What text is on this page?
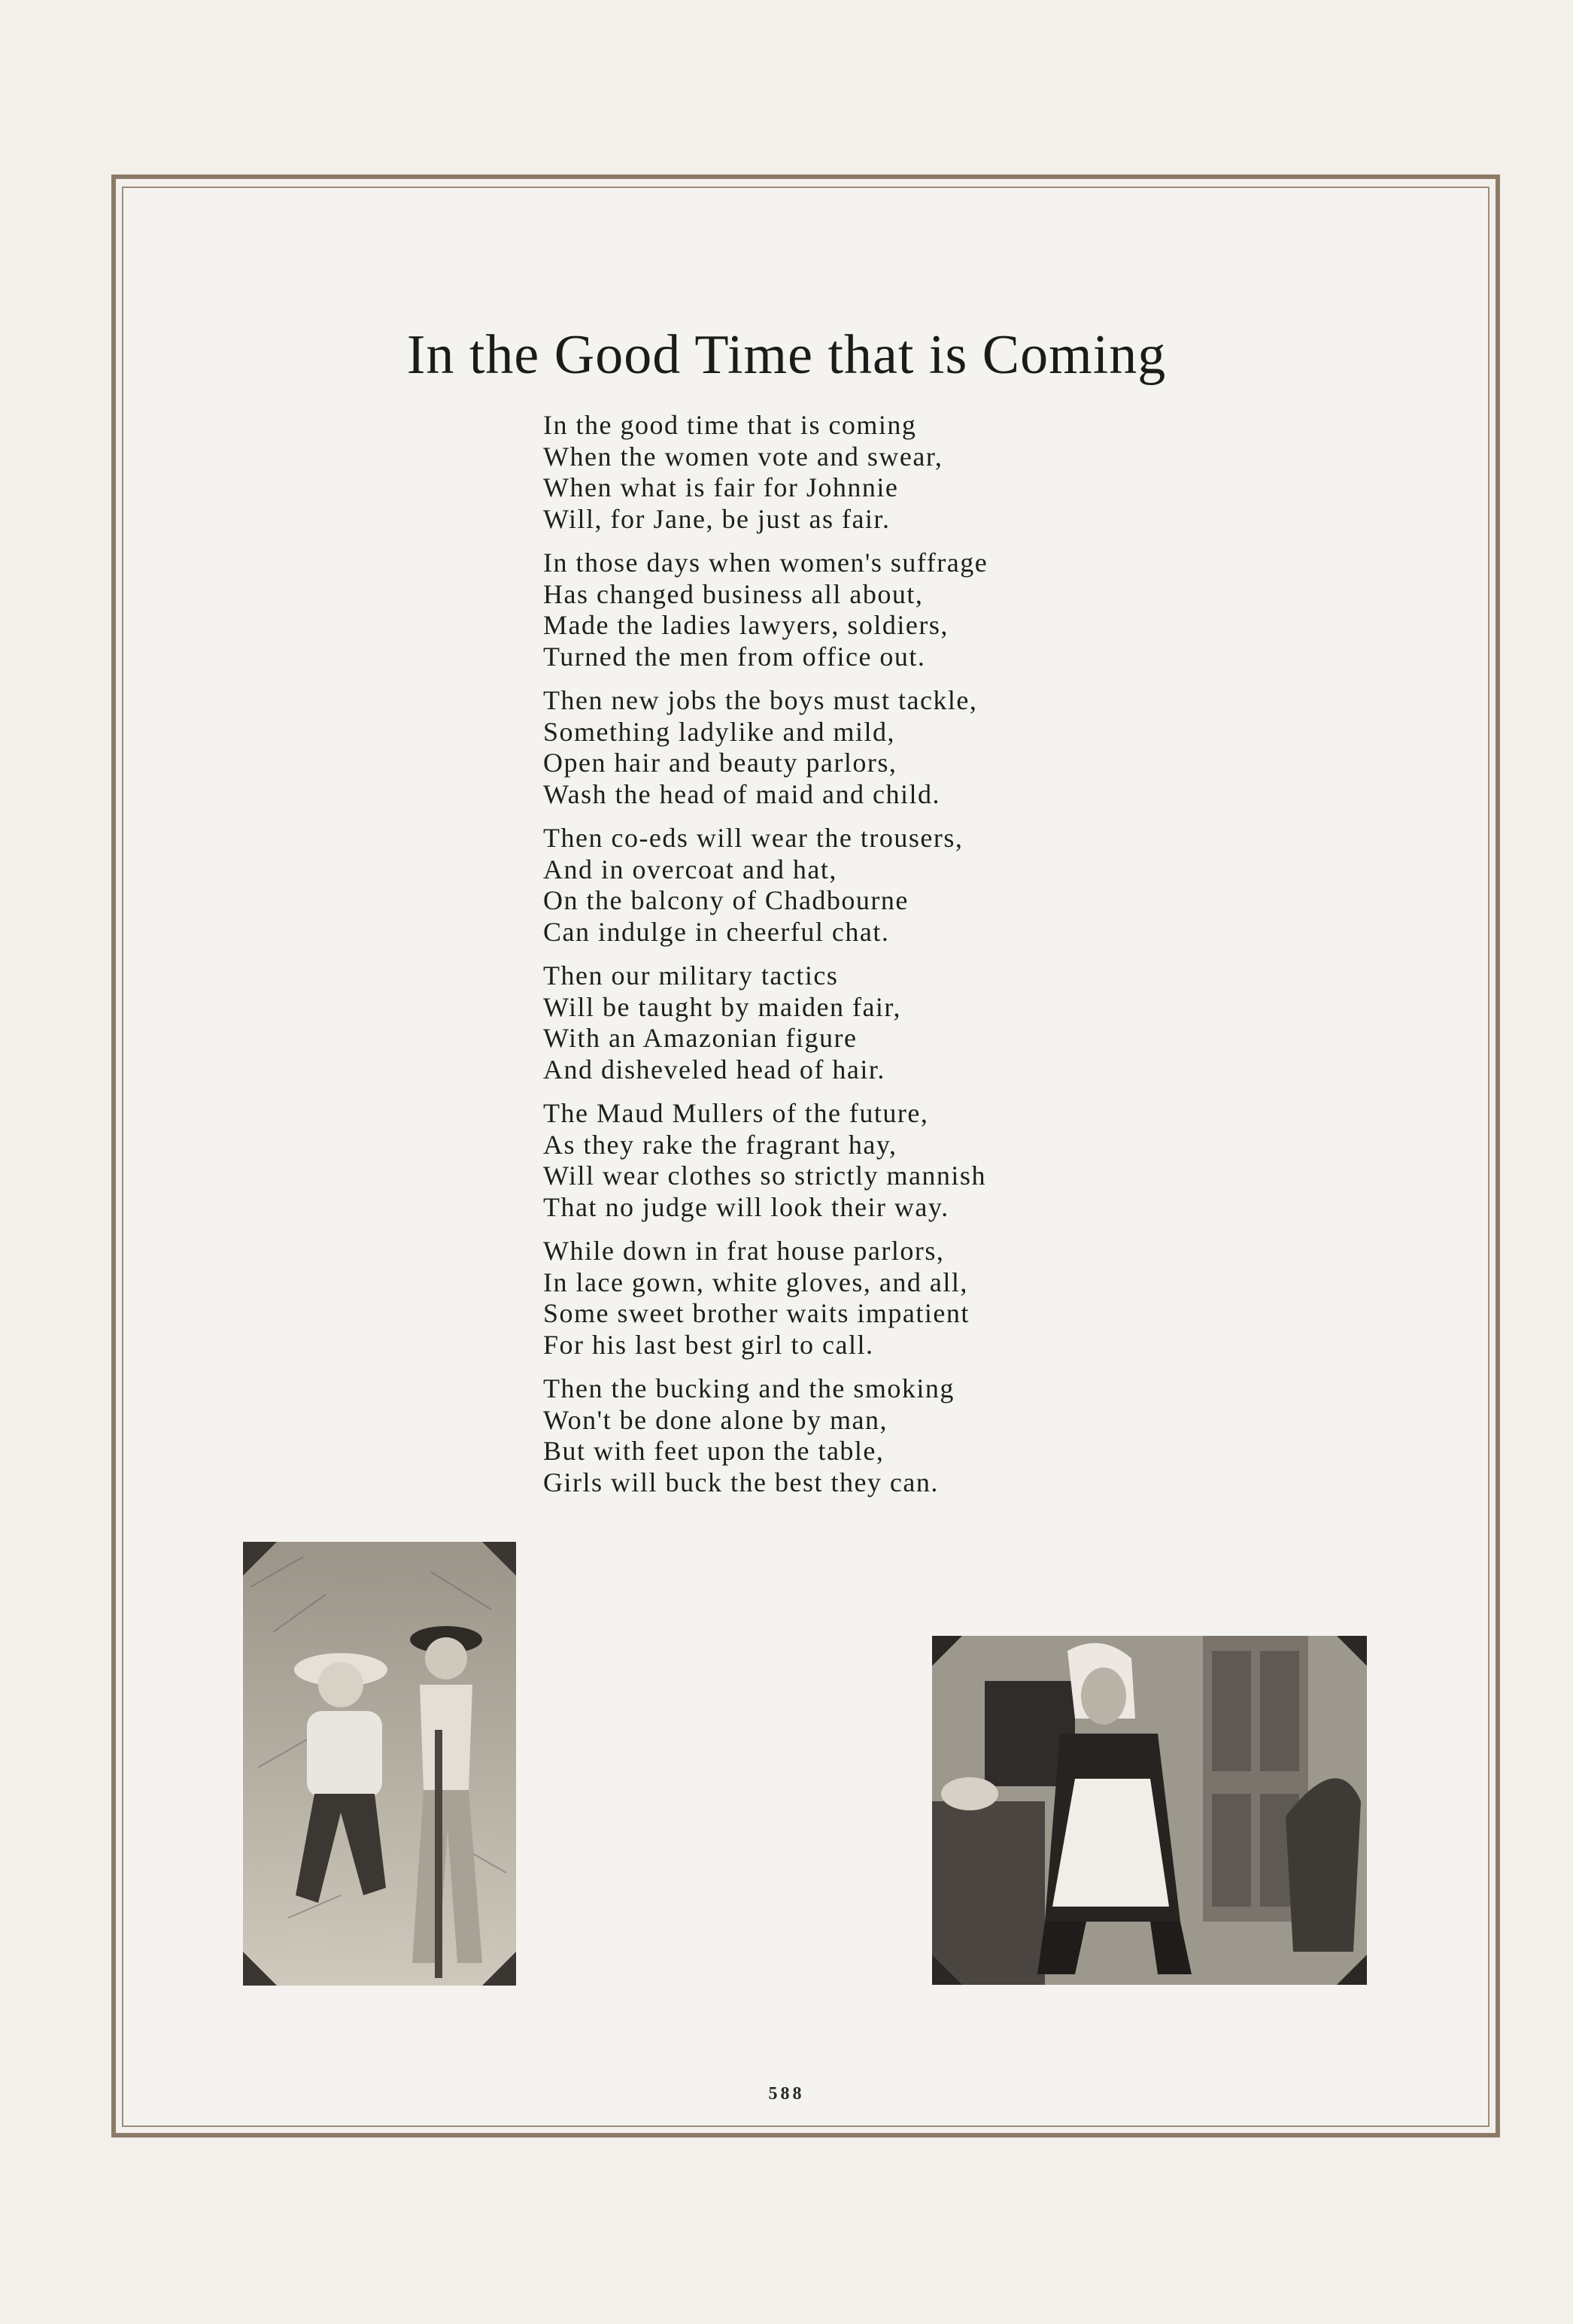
In the Good Time that is Coming
In the good time that is coming
When the women vote and swear,
When what is fair for Johnnie
Will, for Jane, be just as fair.
In those days when women's suffrage
Has changed business all about,
Made the ladies lawyers, soldiers,
Turned the men from office out.
Then new jobs the boys must tackle,
Something ladylike and mild,
Open hair and beauty parlors,
Wash the head of maid and child.
Then co-eds will wear the trousers,
And in overcoat and hat,
On the balcony of Chadbourne
Can indulge in cheerful chat.
Then our military tactics
Will be taught by maiden fair,
With an Amazonian figure
And disheveled head of hair.
The Maud Mullers of the future,
As they rake the fragrant hay,
Will wear clothes so strictly mannish
That no judge will look their way.
While down in frat house parlors,
In lace gown, white gloves, and all,
Some sweet brother waits impatient
For his last best girl to call.
Then the bucking and the smoking
Won't be done alone by man,
But with feet upon the table,
Girls will buck the best they can.
588
